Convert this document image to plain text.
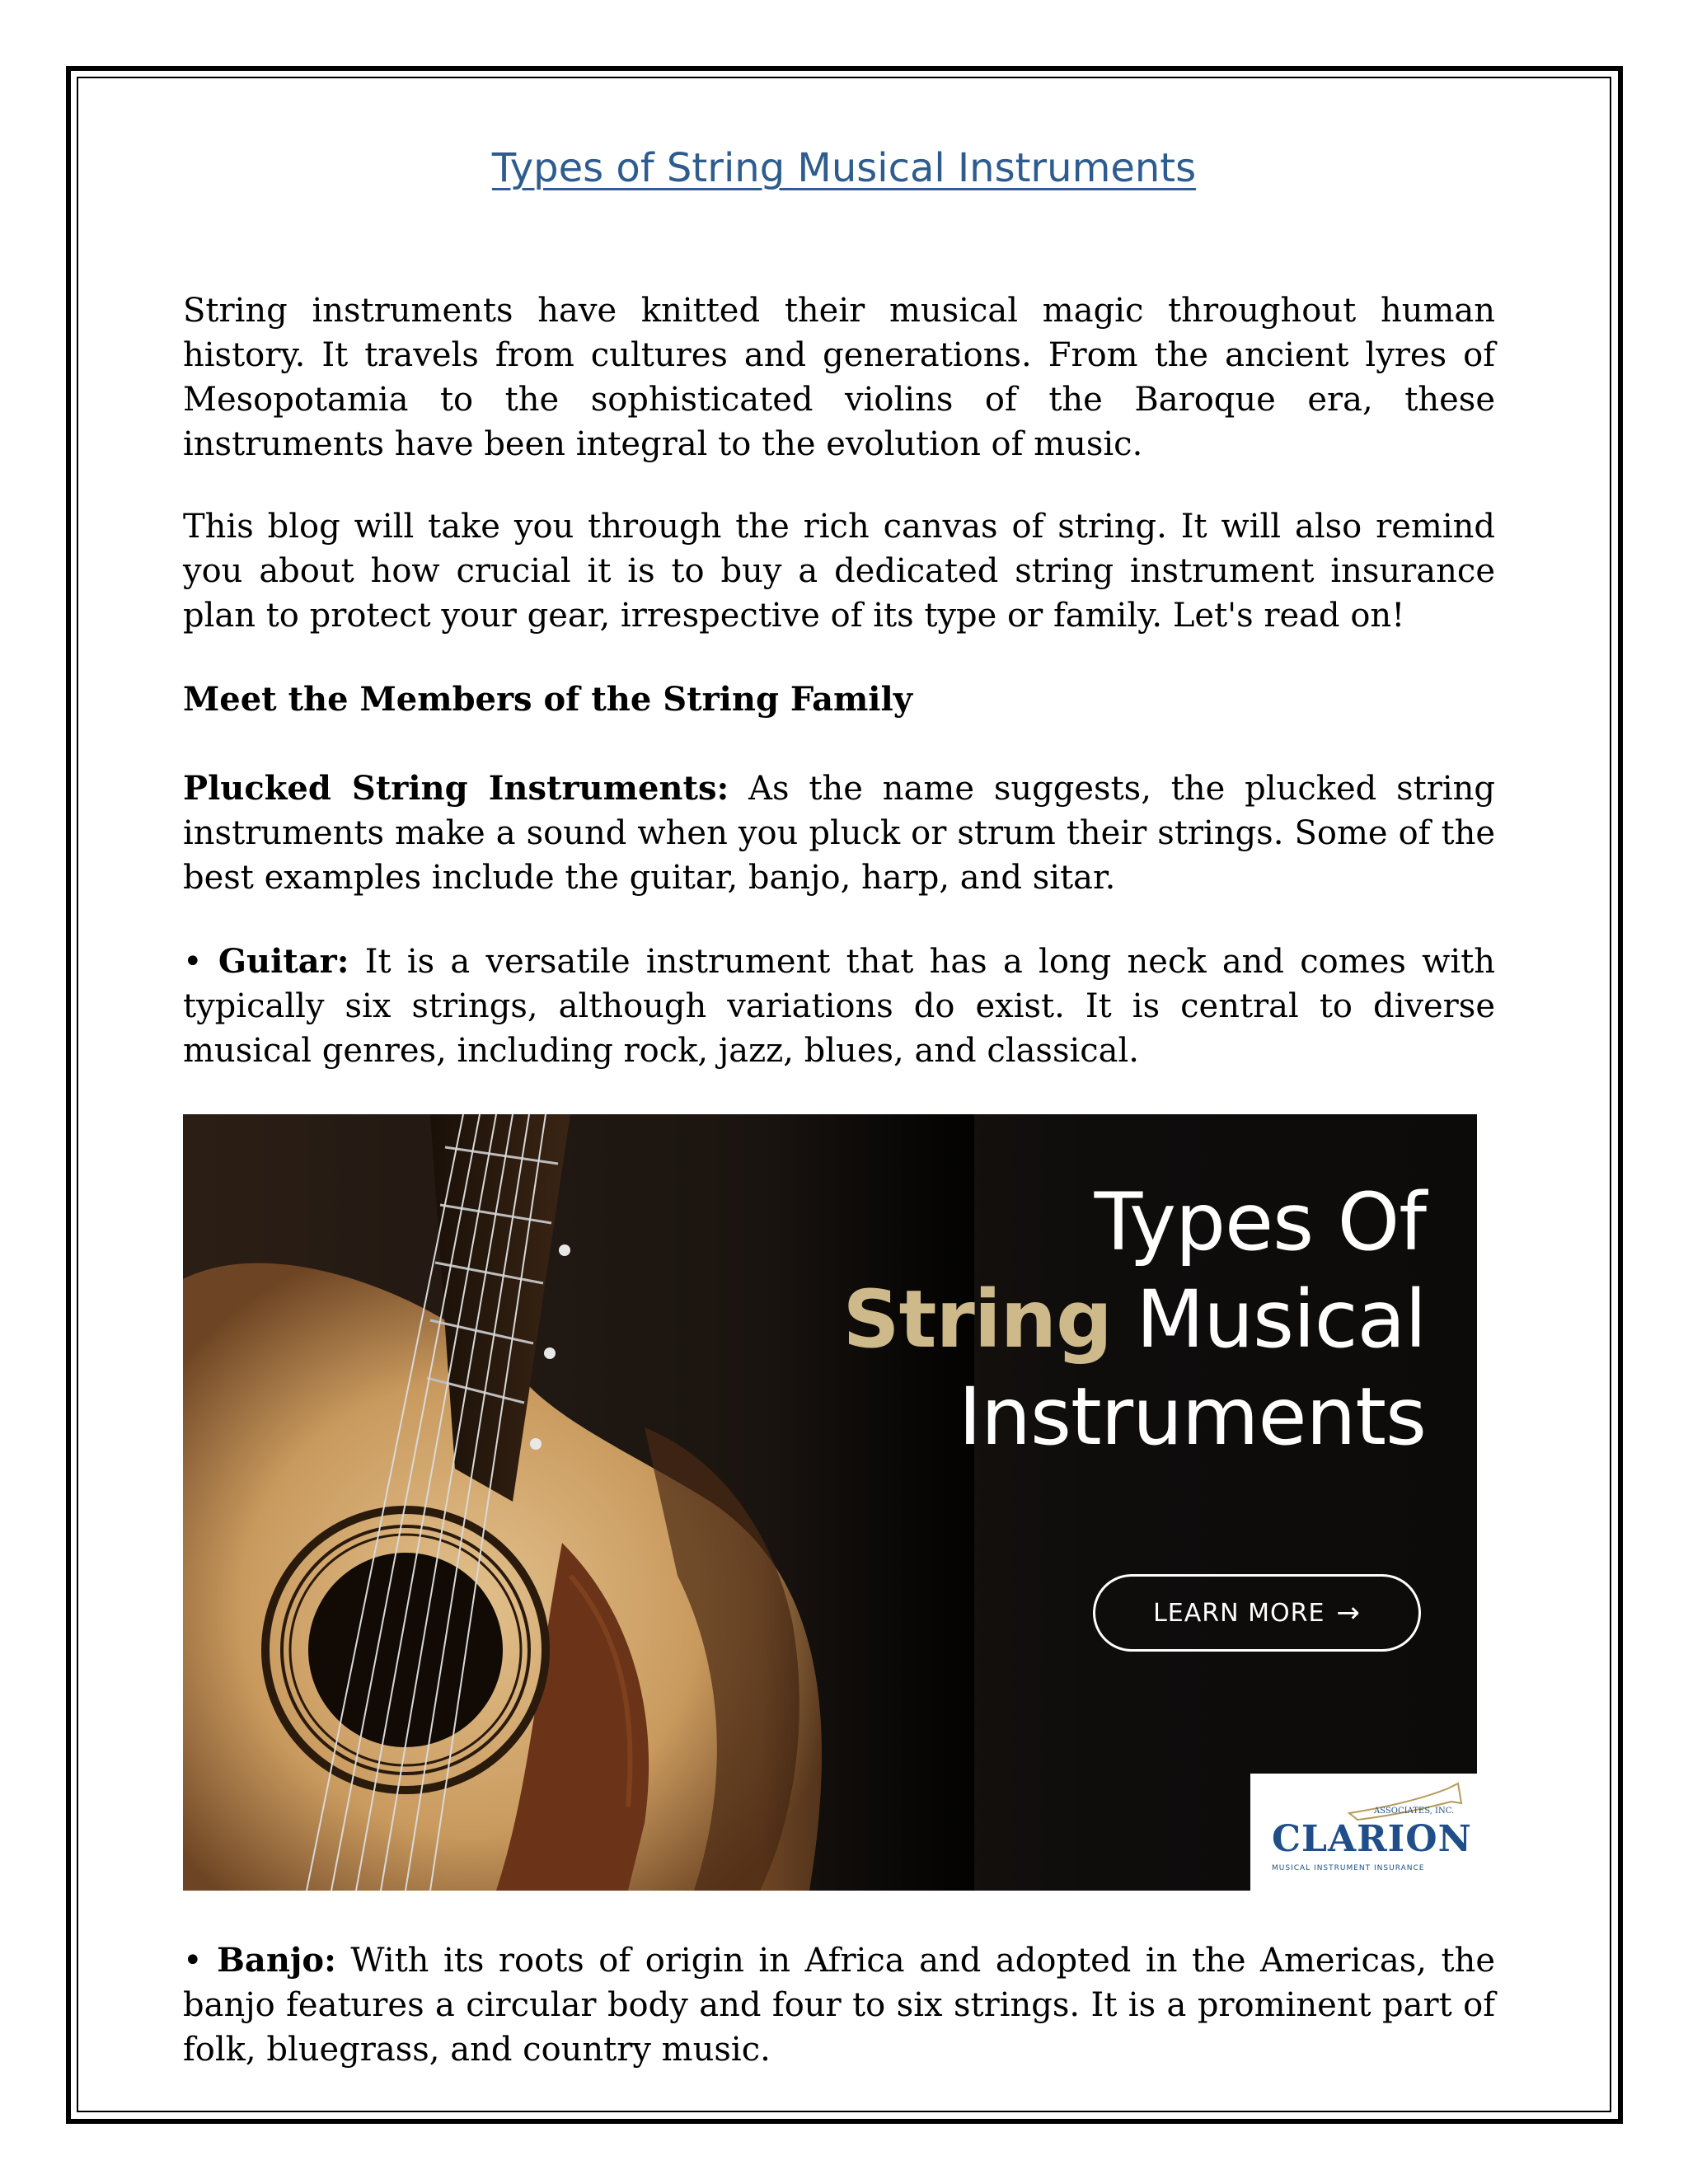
Types of String Musical Instruments

String instruments have knitted their musical magic throughout human history. It travels from cultures and generations. From the ancient lyres of Mesopotamia to the sophisticated violins of the Baroque era, these instruments have been integral to the evolution of music.

This blog will take you through the rich canvas of string. It will also remind you about how crucial it is to buy a dedicated string instrument insurance plan to protect your gear, irrespective of its type or family. Let's read on!

Meet the Members of the String Family

Plucked String Instruments: As the name suggests, the plucked string instruments make a sound when you pluck or strum their strings. Some of the best examples include the guitar, banjo, harp, and sitar.

• Guitar: It is a versatile instrument that has a long neck and comes with typically six strings, although variations do exist. It is central to diverse musical genres, including rock, jazz, blues, and classical.

Types Of
String Musical
Instruments
LEARN MORE →
ASSOCIATES, INC.
CLARION
MUSICAL INSTRUMENT INSURANCE

• Banjo: With its roots of origin in Africa and adopted in the Americas, the banjo features a circular body and four to six strings. It is a prominent part of folk, bluegrass, and country music.
